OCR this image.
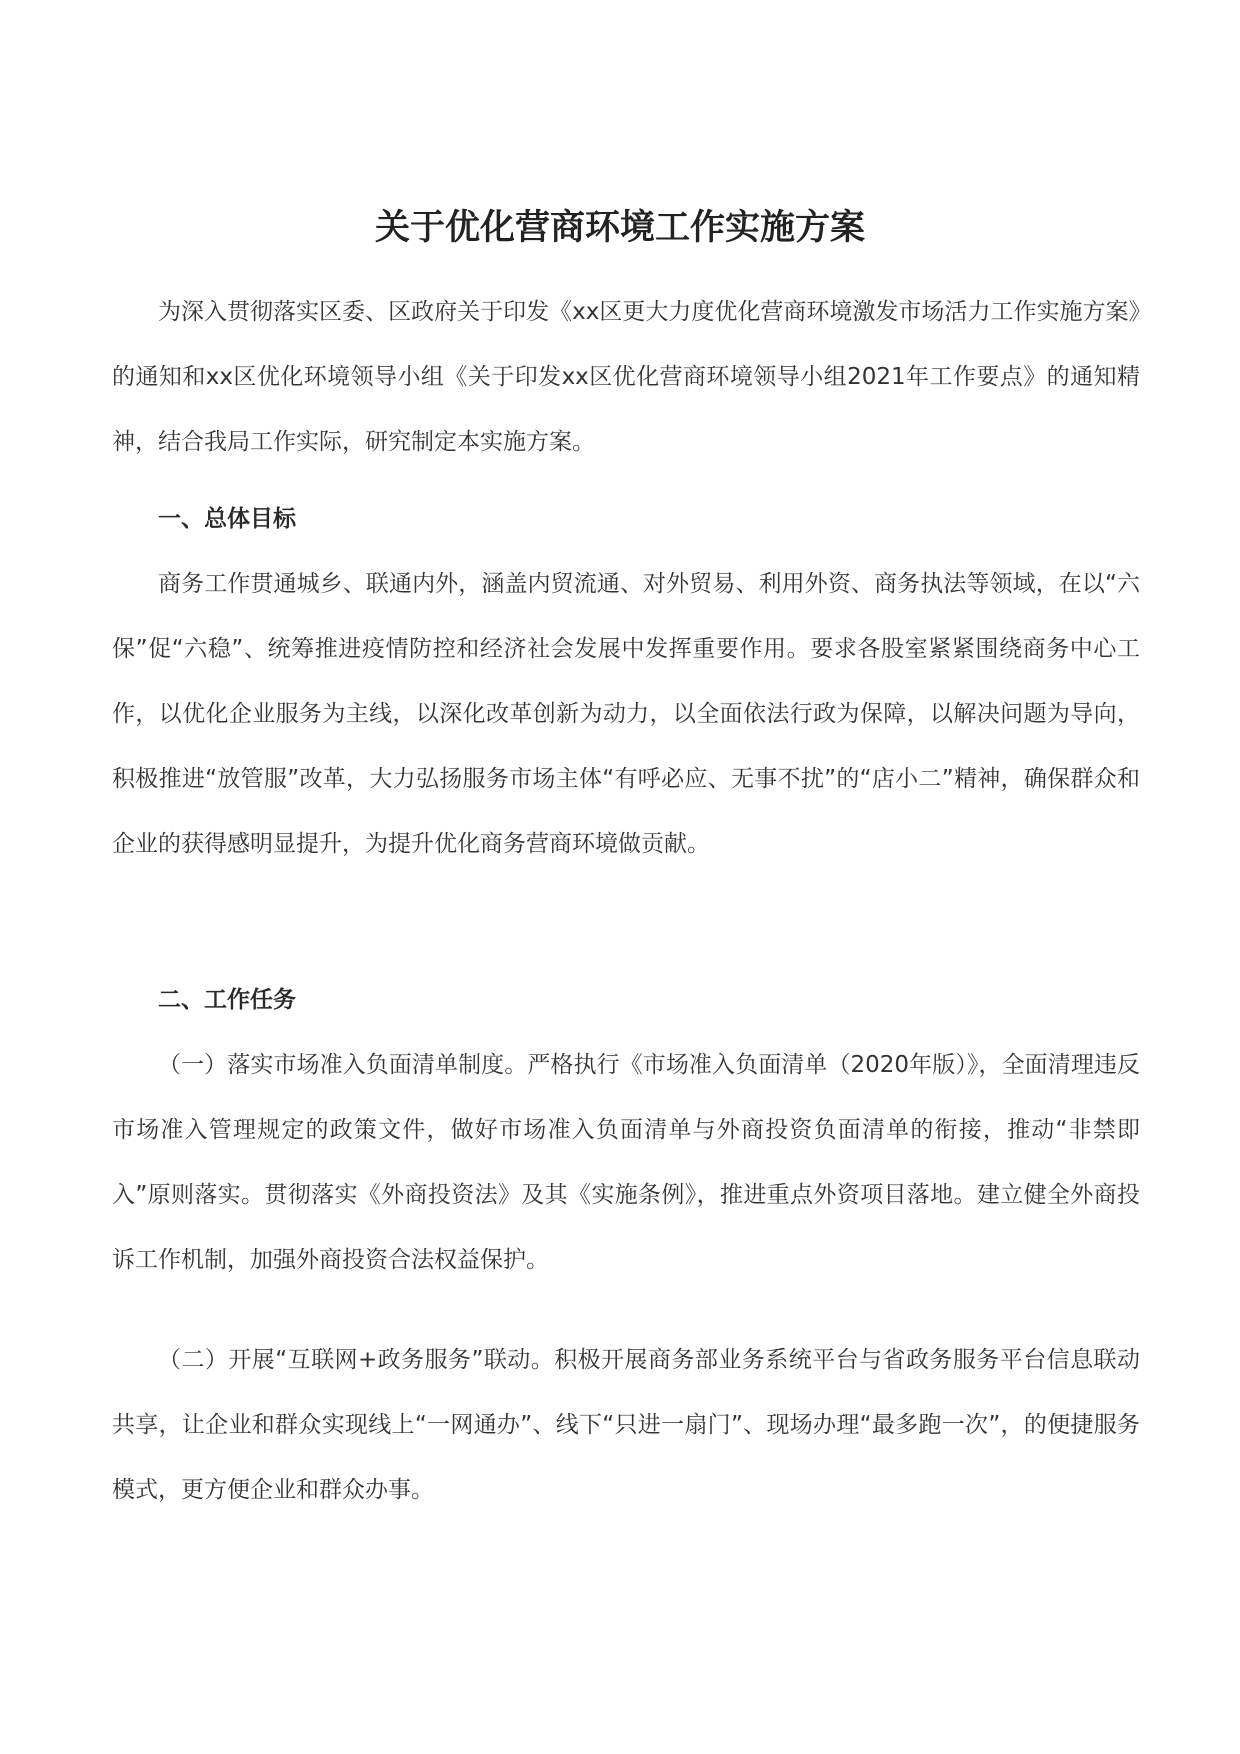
关于优化营商环境工作实施方案

为深入贯彻落实区委、区政府关于印发《xx区更大力度优化营商环境激发市场活力工作实施方案》的通知和xx区优化环境领导小组《关于印发xx区优化营商环境领导小组2021年工作要点》的通知精神，结合我局工作实际，研究制定本实施方案。

一、总体目标

商务工作贯通城乡、联通内外，涵盖内贸流通、对外贸易、利用外资、商务执法等领域，在以“六保”促“六稳”、统筹推进疫情防控和经济社会发展中发挥重要作用。要求各股室紧紧围绕商务中心工作，以优化企业服务为主线，以深化改革创新为动力，以全面依法行政为保障，以解决问题为导向，积极推进“放管服”改革，大力弘扬服务市场主体“有呼必应、无事不扰”的“店小二”精神，确保群众和企业的获得感明显提升，为提升优化商务营商环境做贡献。

二、工作任务

（一）落实市场准入负面清单制度。严格执行《市场准入负面清单（2020年版）》，全面清理违反市场准入管理规定的政策文件，做好市场准入负面清单与外商投资负面清单的衔接，推动“非禁即入”原则落实。贯彻落实《外商投资法》及其《实施条例》，推进重点外资项目落地。建立健全外商投诉工作机制，加强外商投资合法权益保护。

（二）开展“互联网+政务服务”联动。积极开展商务部业务系统平台与省政务服务平台信息联动共享，让企业和群众实现线上“一网通办”、线下“只进一扇门”、现场办理“最多跑一次”，的便捷服务模式，更方便企业和群众办事。
